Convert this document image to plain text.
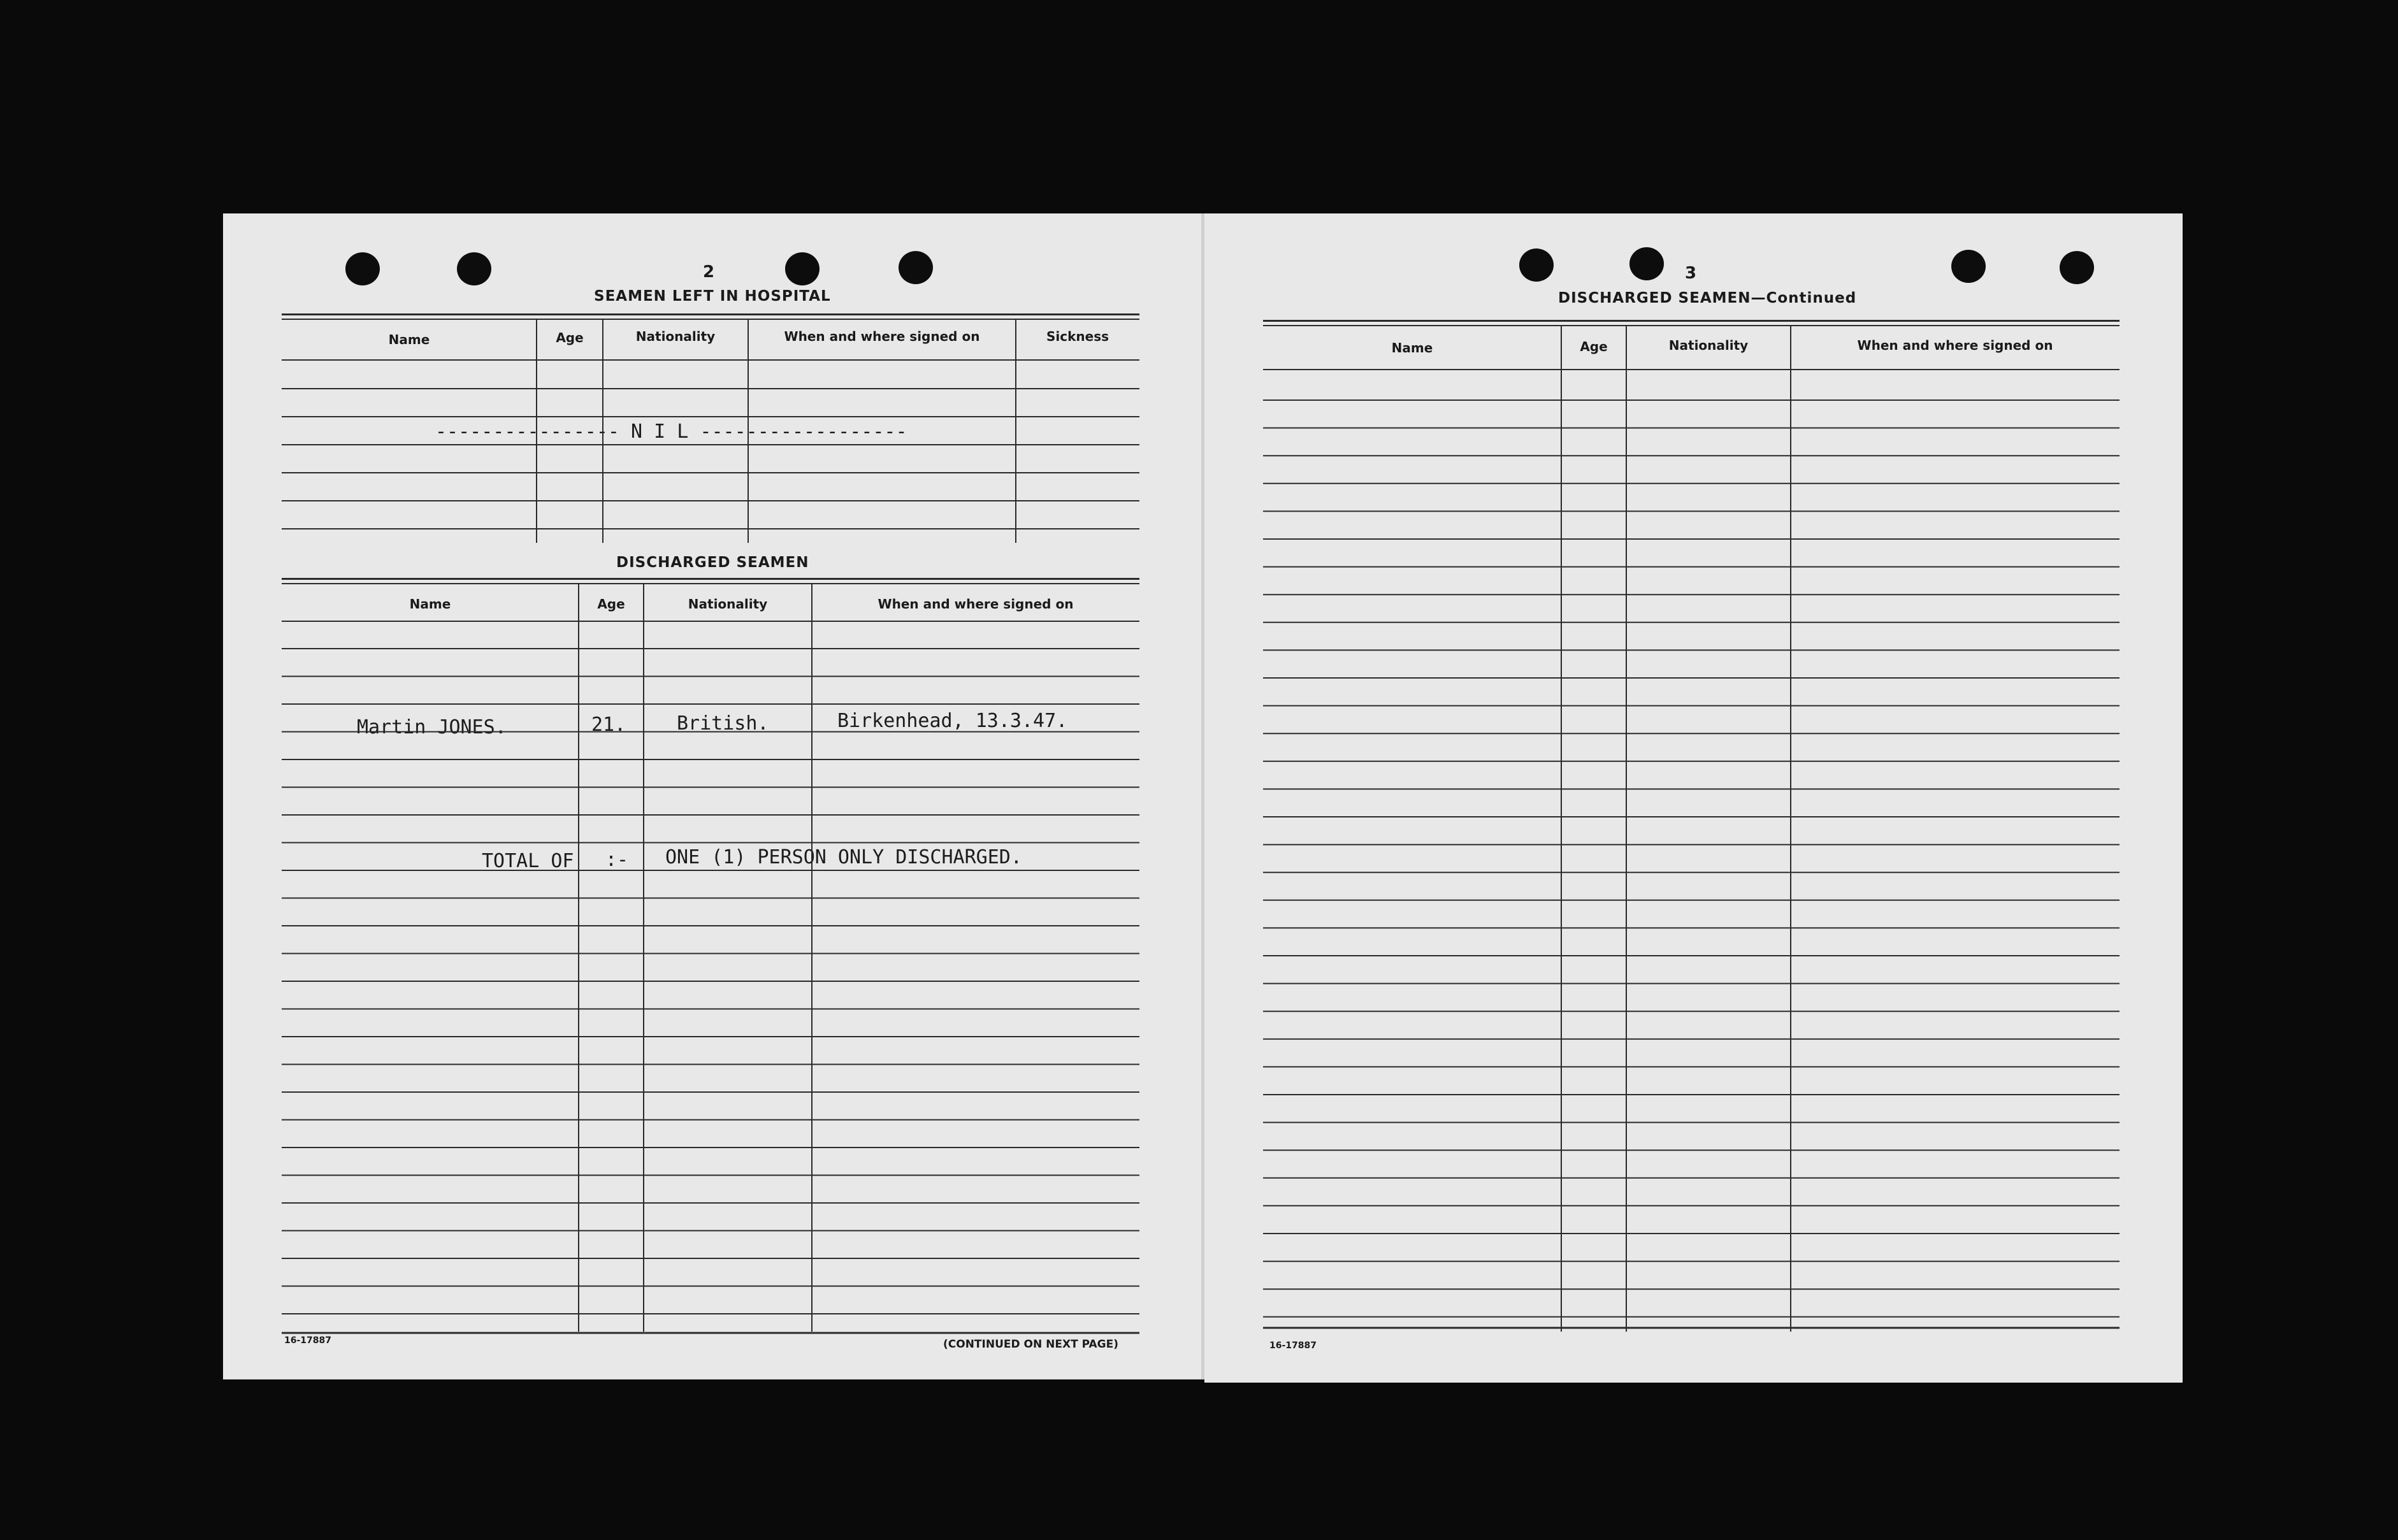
2
SEAMEN LEFT IN HOSPITAL
Name	Age	Nationality	When and where signed on	Sickness
---------------- N I L ------------------
DISCHARGED SEAMEN
Name	Age	Nationality	When and where signed on
Martin JONES.	21.	British.	Birkenhead, 13.3.47.
TOTAL OF :- ONE (1) PERSON ONLY DISCHARGED.
16-17887	(CONTINUED ON NEXT PAGE)
3
DISCHARGED SEAMEN—Continued
Name	Age	Nationality	When and where signed on
16-17887
